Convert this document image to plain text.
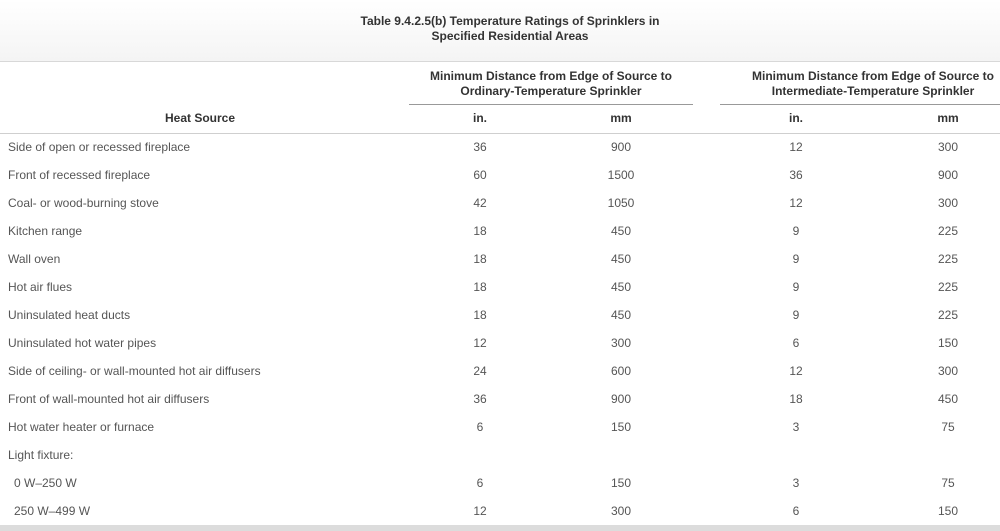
Table 9.4.2.5(b) Temperature Ratings of Sprinklers in
Specified Residential Areas
Minimum Distance from Edge of Source to
Ordinary-Temperature Sprinkler
Minimum Distance from Edge of Source to
Intermediate-Temperature Sprinkler
Heat Source	in.	mm	in.	mm
Side of open or recessed fireplace	36	900	12	300
Front of recessed fireplace	60	1500	36	900
Coal- or wood-burning stove	42	1050	12	300
Kitchen range	18	450	9	225
Wall oven	18	450	9	225
Hot air flues	18	450	9	225
Uninsulated heat ducts	18	450	9	225
Uninsulated hot water pipes	12	300	6	150
Side of ceiling- or wall-mounted hot air diffusers	24	600	12	300
Front of wall-mounted hot air diffusers	36	900	18	450
Hot water heater or furnace	6	150	3	75
Light fixture:
0 W–250 W	6	150	3	75
250 W–499 W	12	300	6	150
